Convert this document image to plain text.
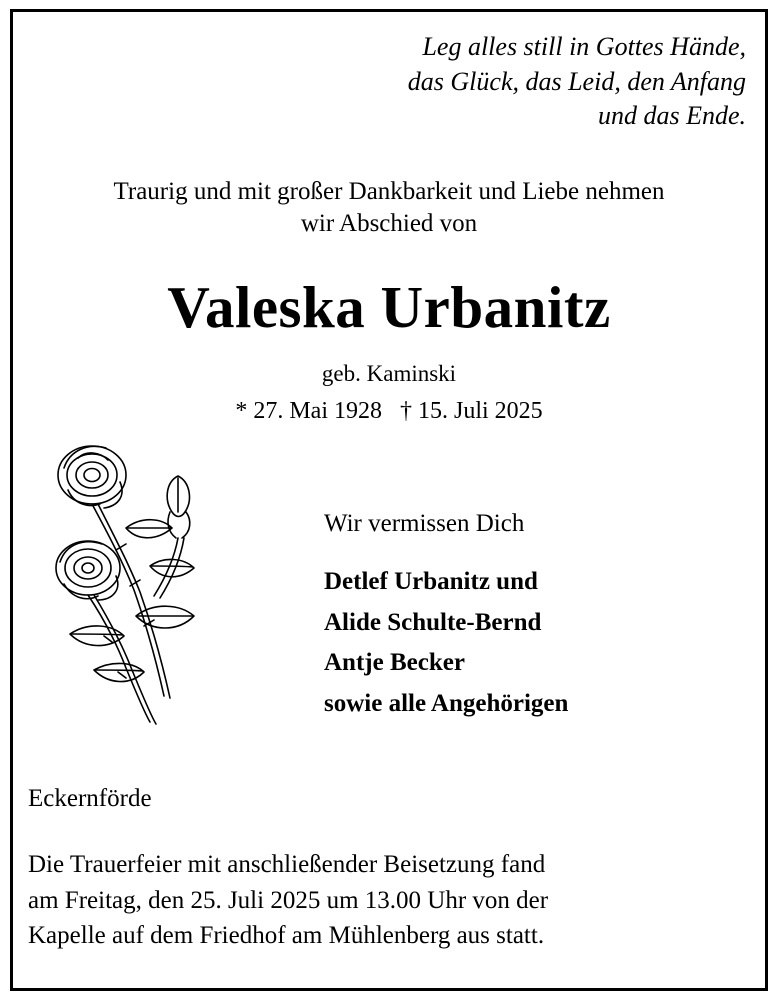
Leg alles still in Gottes Hände,
das Glück, das Leid, den Anfang
und das Ende.
Traurig und mit großer Dankbarkeit und Liebe nehmen
wir Abschied von
Valeska Urbanitz
geb. Kaminski
* 27. Mai 1928   † 15. Juli 2025
Wir vermissen Dich
Detlef Urbanitz und
Alide Schulte-Bernd
Antje Becker
sowie alle Angehörigen
Eckernförde
Die Trauerfeier mit anschließender Beisetzung fand
am Freitag, den 25. Juli 2025 um 13.00 Uhr von der
Kapelle auf dem Friedhof am Mühlenberg aus statt.
